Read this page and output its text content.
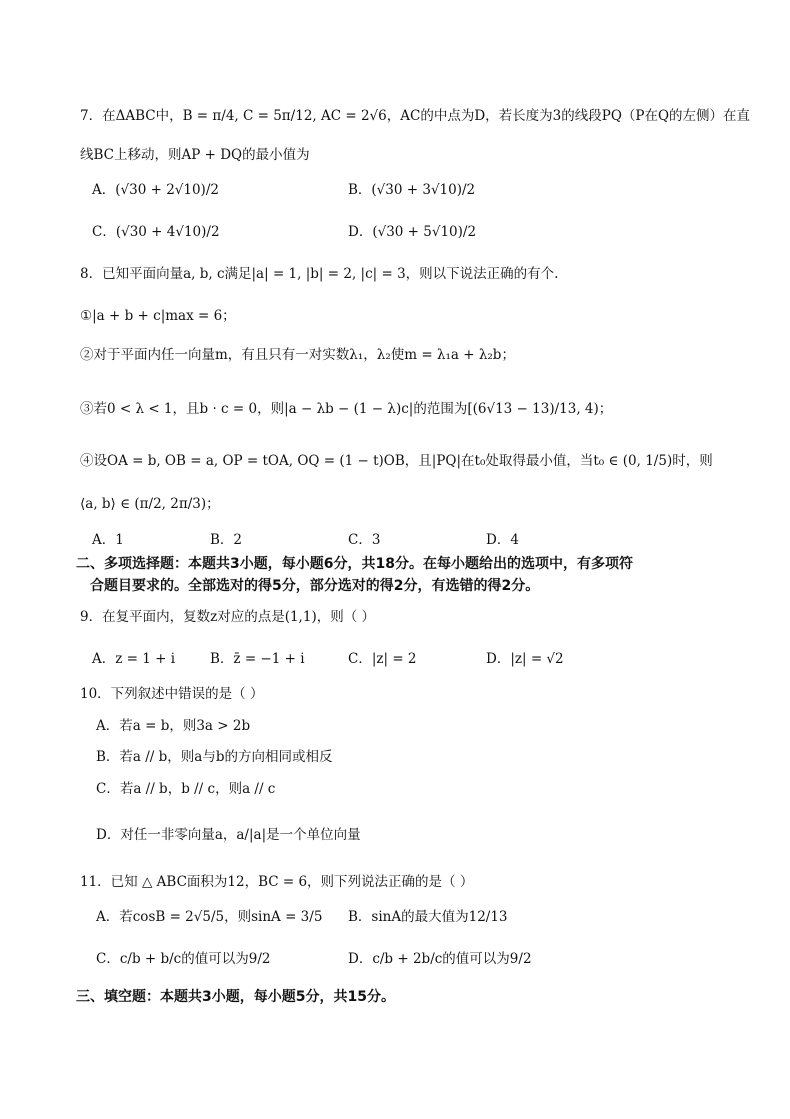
7．在ΔABC中，B = π/4, C = 5π/12, AC = 2√6，AC的中点为D，若长度为3的线段PQ（P在Q的左侧）在直
线BC上移动，则AP + DQ的最小值为
A．(√30 + 2√10)/2	B．(√30 + 3√10)/2
C．(√30 + 4√10)/2	D．(√30 + 5√10)/2
8．已知平面向量a, b, c满足|a| = 1, |b| = 2, |c| = 3，则以下说法正确的有个.
①|a + b + c|max = 6；
②对于平面内任一向量m，有且只有一对实数λ₁，λ₂使m = λ₁a + λ₂b；
③若0 < λ < 1，且b · c = 0，则|a − λb − (1 − λ)c|的范围为[(6√13 − 13)/13, 4)；
④设OA = b, OB = a, OP = tOA, OQ = (1 − t)OB，且|PQ|在t₀处取得最小值，当t₀ ∈ (0, 1/5)时，则
⟨a, b⟩ ∈ (π/2, 2π/3)；
A．1	B．2	C．3	D．4
二、多项选择题：本题共3小题，每小题6分，共18分。在每小题给出的选项中，有多项符
合题目要求的。全部选对的得5分，部分选对的得2分，有选错的得2分。
9．在复平面内，复数z对应的点是(1,1)，则（ ）
A．z = 1 + i	B．z̄ = −1 + i	C．|z| = 2	D．|z| = √2
10．下列叙述中错误的是（ ）
A．若a = b，则3a > 2b
B．若a // b，则a与b的方向相同或相反
C．若a // b，b // c，则a // c
D．对任一非零向量a，a/|a|是一个单位向量
11．已知 △ ABC面积为12，BC = 6，则下列说法正确的是（ ）
A．若cosB = 2√5/5，则sinA = 3/5 B．sinA的最大值为12/13
C．c/b + b/c的值可以为9/2	D．c/b + 2b/c的值可以为9/2
三、填空题：本题共3小题，每小题5分，共15分。
